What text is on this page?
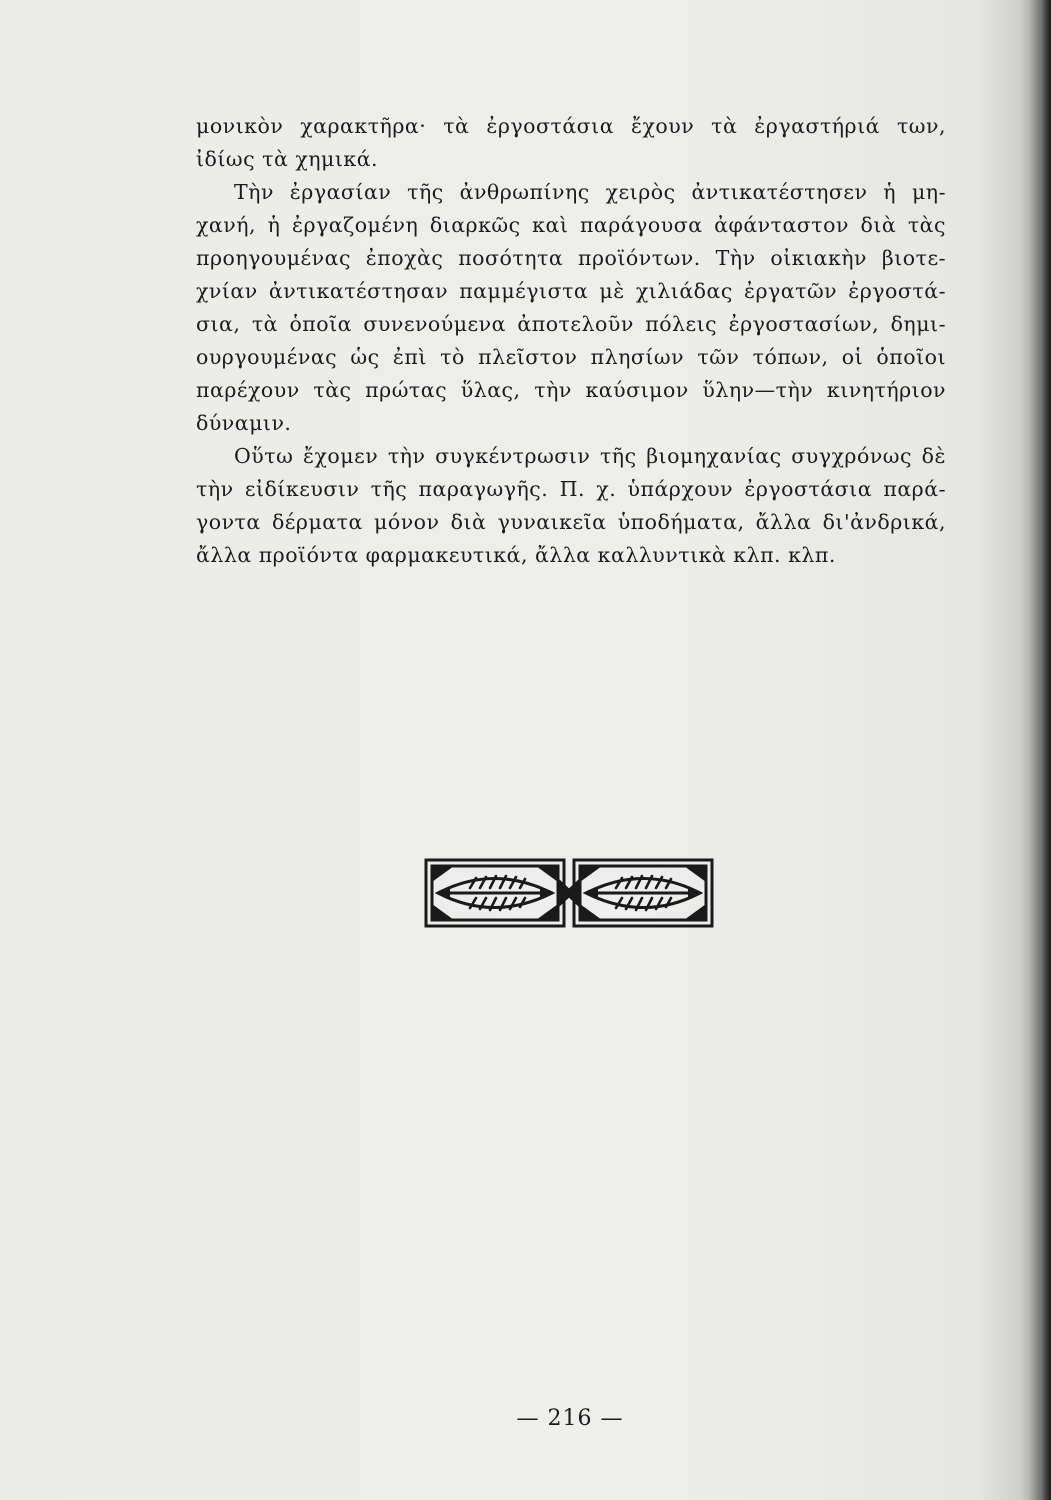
μονικὸν χαρακτῆρα· τὰ ἐργοστάσια ἔχουν τὰ ἐργαστήριά των,
ἰδίως τὰ χημικά.
Τὴν ἐργασίαν τῆς ἀνθρωπίνης χειρὸς ἀντικατέστησεν ἡ μη-
χανή, ἡ ἐργαζομένη διαρκῶς καὶ παράγουσα ἀφάνταστον διὰ τὰς
προηγουμένας ἐποχὰς ποσότητα προϊόντων. Τὴν οἰκιακὴν βιοτε-
χνίαν ἀντικατέστησαν παμμέγιστα μὲ χιλιάδας ἐργατῶν ἐργοστά-
σια, τὰ ὁποῖα συνενούμενα ἀποτελοῦν πόλεις ἐργοστασίων, δημι-
ουργουμένας ὡς ἐπὶ τὸ πλεῖστον πλησίων τῶν τόπων, οἱ ὁποῖοι
παρέχουν τὰς πρώτας ὕλας, τὴν καύσιμον ὕλην—τὴν κινητήριον
δύναμιν.
Οὕτω ἔχομεν τὴν συγκέντρωσιν τῆς βιομηχανίας συγχρόνως δὲ
τὴν εἰδίκευσιν τῆς παραγωγῆς. Π. χ. ὑπάρχουν ἐργοστάσια παρά-
γοντα δέρματα μόνον διὰ γυναικεῖα ὑποδήματα, ἄλλα δι'ἀνδρικά,
ἄλλα προϊόντα φαρμακευτικά, ἄλλα καλλυντικὰ κλπ. κλπ.
— 216 —
